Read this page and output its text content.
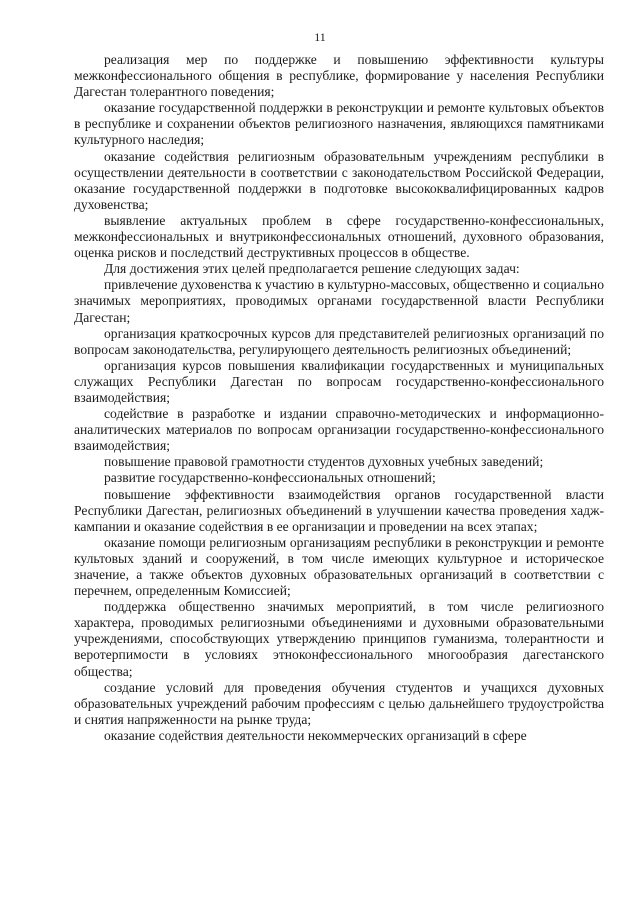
11

реализация мер по поддержке и повышению эффективности культуры межконфессионального общения в республике, формирование у населения Республики Дагестан толерантного поведения;

оказание государственной поддержки в реконструкции и ремонте культовых объектов в республике и сохранении объектов религиозного назначения, являющихся памятниками культурного наследия;

оказание содействия религиозным образовательным учреждениям республики в осуществлении деятельности в соответствии с законодательством Российской Федерации, оказание государственной поддержки в подготовке высококвалифицированных кадров духовенства;

выявление актуальных проблем в сфере государственно-конфессиональных, межконфессиональных и внутриконфессиональных отношений, духовного образования, оценка рисков и последствий деструктивных процессов в обществе.

Для достижения этих целей предполагается решение следующих задач:

привлечение духовенства к участию в культурно-массовых, общественно и социально значимых мероприятиях, проводимых органами государственной власти Республики Дагестан;

организация краткосрочных курсов для представителей религиозных организаций по вопросам законодательства, регулирующего деятельность религиозных объединений;

организация курсов повышения квалификации государственных и муниципальных служащих Республики Дагестан по вопросам государственно-конфессионального взаимодействия;

содействие в разработке и издании справочно-методических и информационно-аналитических материалов по вопросам организации государственно-конфессионального взаимодействия;

повышение правовой грамотности студентов духовных учебных заведений;

развитие государственно-конфессиональных отношений;

повышение эффективности взаимодействия органов государственной власти Республики Дагестан, религиозных объединений в улучшении качества проведения хадж-кампании и оказание содействия в ее организации и проведении на всех этапах;

оказание помощи религиозным организациям республики в реконструкции и ремонте культовых зданий и сооружений, в том числе имеющих культурное и историческое значение, а также объектов духовных образовательных организаций в соответствии с перечнем, определенным Комиссией;

поддержка общественно значимых мероприятий, в том числе религиозного характера, проводимых религиозными объединениями и духовными образовательными учреждениями, способствующих утверждению принципов гуманизма, толерантности и веротерпимости в условиях этноконфессионального многообразия дагестанского общества;

создание условий для проведения обучения студентов и учащихся духовных образовательных учреждений рабочим профессиям с целью дальнейшего трудоустройства и снятия напряженности на рынке труда;

оказание содействия деятельности некоммерческих организаций в сфере
